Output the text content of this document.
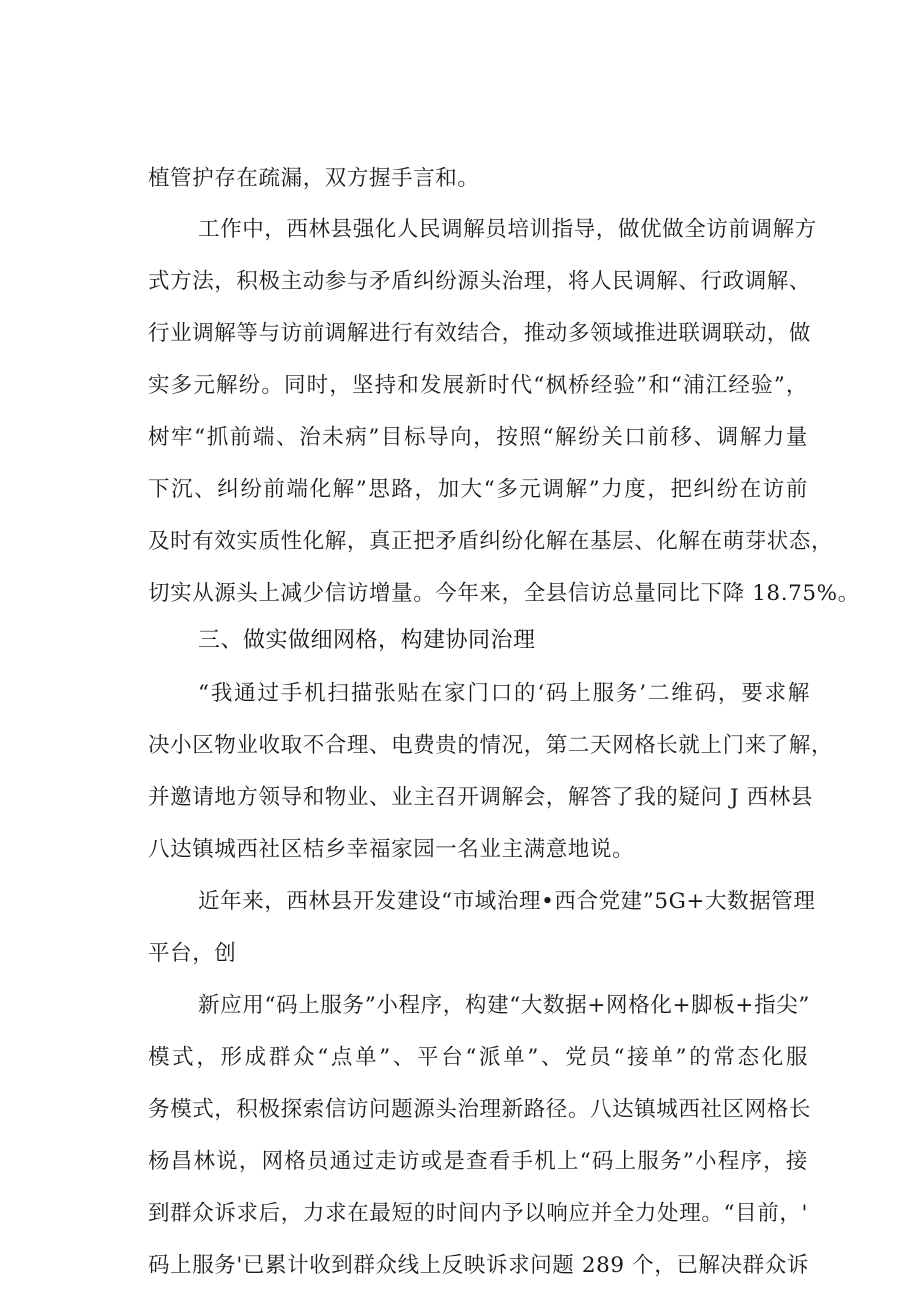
植管护存在疏漏，双方握手言和。
工作中，西林县强化人民调解员培训指导，做优做全访前调解方
式方法，积极主动参与矛盾纠纷源头治理，将人民调解、行政调解、
行业调解等与访前调解进行有效结合，推动多领域推进联调联动，做
实多元解纷。同时，坚持和发展新时代“枫桥经验”和“浦江经验”，
树牢“抓前端、治未病”目标导向，按照“解纷关口前移、调解力量
下沉、纠纷前端化解”思路，加大“多元调解”力度，把纠纷在访前
及时有效实质性化解，真正把矛盾纠纷化解在基层、化解在萌芽状态，
切实从源头上减少信访增量。今年来，全县信访总量同比下降 18.75%。
三、做实做细网格，构建协同治理
“我通过手机扫描张贴在家门口的‘码上服务’二维码，要求解
决小区物业收取不合理、电费贵的情况，第二天网格长就上门来了解，
并邀请地方领导和物业、业主召开调解会，解答了我的疑问 J 西林县
八达镇城西社区桔乡幸福家园一名业主满意地说。
近年来，西林县开发建设“市域治理•西合党建”5G+大数据管理
平台，创
新应用“码上服务”小程序，构建“大数据+网格化+脚板+指尖”
模式，形成群众“点单”、平台“派单”、党员“接单”的常态化服
务模式，积极探索信访问题源头治理新路径。八达镇城西社区网格长
杨昌林说，网格员通过走访或是查看手机上“码上服务”小程序，接
到群众诉求后，力求在最短的时间内予以响应并全力处理。“目前，'
码上服务'已累计收到群众线上反映诉求问题 289 个，已解决群众诉
